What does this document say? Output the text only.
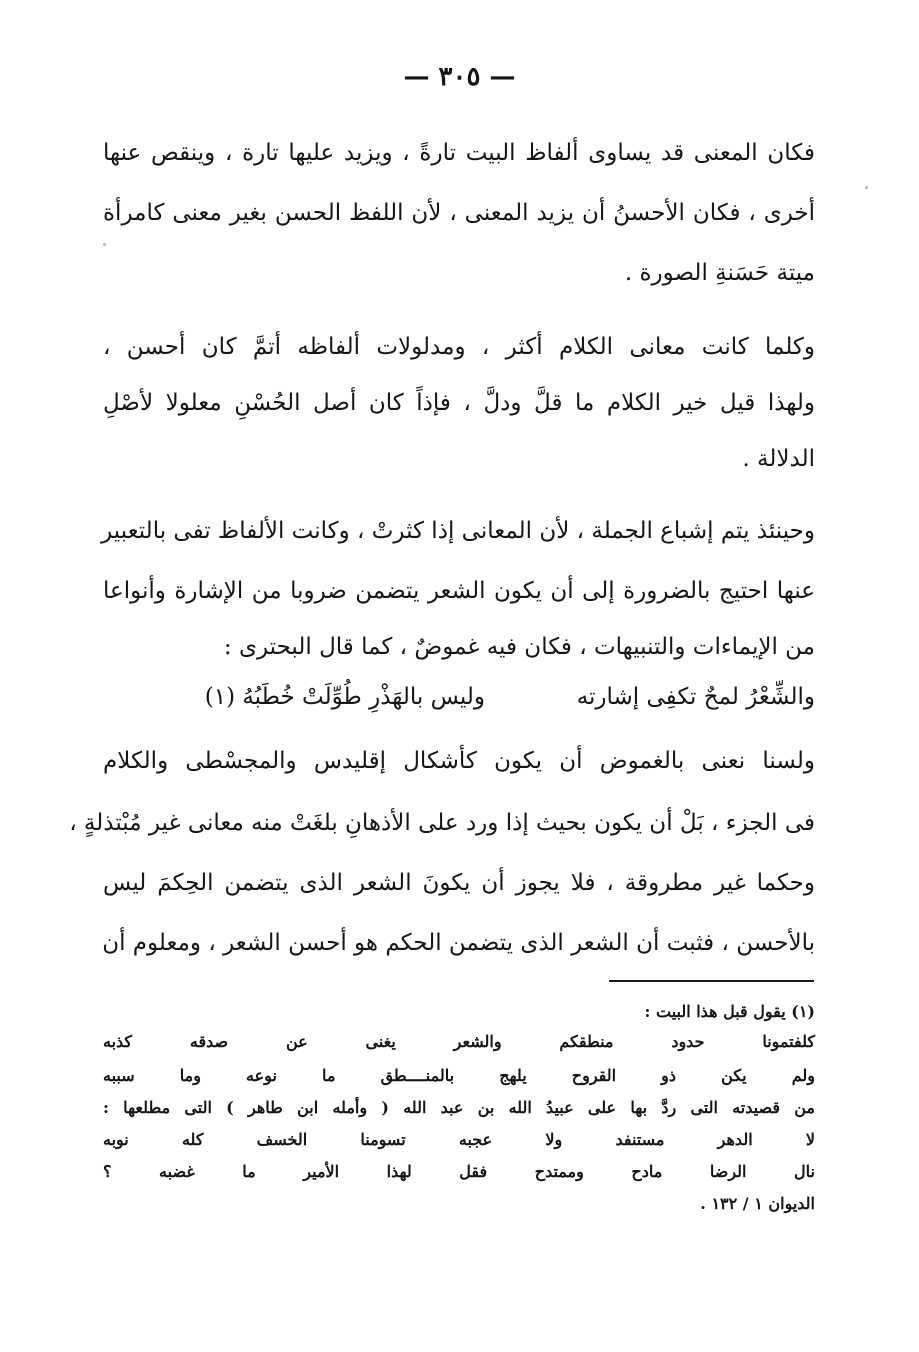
— ٣٠٥ —
فكان المعنى قد يساوى ألفاظ البيت تارةً ، ويزيد عليها تارة ، وينقص عنها
أخرى ، فكان الأحسنُ أن يزيد المعنى ، لأن اللفظ الحسن بغير معنى كامرأة
ميتة حَسَنةِ الصورة .
وكلما كانت معانى الكلام أكثر ، ومدلولات ألفاظه أتمَّ كان أحسن ،
ولهذا قيل خير الكلام ما قلَّ ودلَّ ، فإذاً كان أصل الحُسْنِ معلولا لأصْلِ
الدلالة .
وحينئذ يتم إشباع الجملة ، لأن المعانى إذا كثرتْ ، وكانت الألفاظ تفى بالتعبير
عنها احتيج بالضرورة إلى أن يكون الشعر يتضمن ضروبا من الإشارة وأنواعا
من الإيماءات والتنبيهات ، فكان فيه غموضٌ ، كما قال البحترى :
والشِّعْرُ لمحٌ تكفِى إشارته
وليس بالهَذْرِ طُوِّلَتْ خُطَبُهُ (١)
ولسنا نعنى بالغموض أن يكون كأشكال إقليدس والمجسْطى والكلام
فى الجزء ، بَلْ أن يكون بحيث إذا ورد على الأذهانِ بلغَتْ منه معانى غير مُبْتذلةٍ ،
وحكما غير مطروقة ، فلا يجوز أن يكونَ الشعر الذى يتضمن الحِكمَ ليس
بالأحسن ، فثبت أن الشعر الذى يتضمن الحكم هو أحسن الشعر ، ومعلوم أن
(١) يقول قبل هذا البيت :
كلفتمونا حدود منطقكم والشعر يغنى عن صدقه كذبه
ولم يكن ذو القروح يلهج بالمنــــطق ما نوعه وما سببه
من قصيدته التى ردَّ بها على عبيدُ الله بن عبد الله ( وأمله ابن طاهر ) التى مطلعها :
لا الدهر مستنفد ولا عجبه تسومنا الخسف كله نوبه
نال الرضا مادح وممتدح فقل لهذا الأمير ما غضبه ؟
الديوان ١ / ١٣٢ .
